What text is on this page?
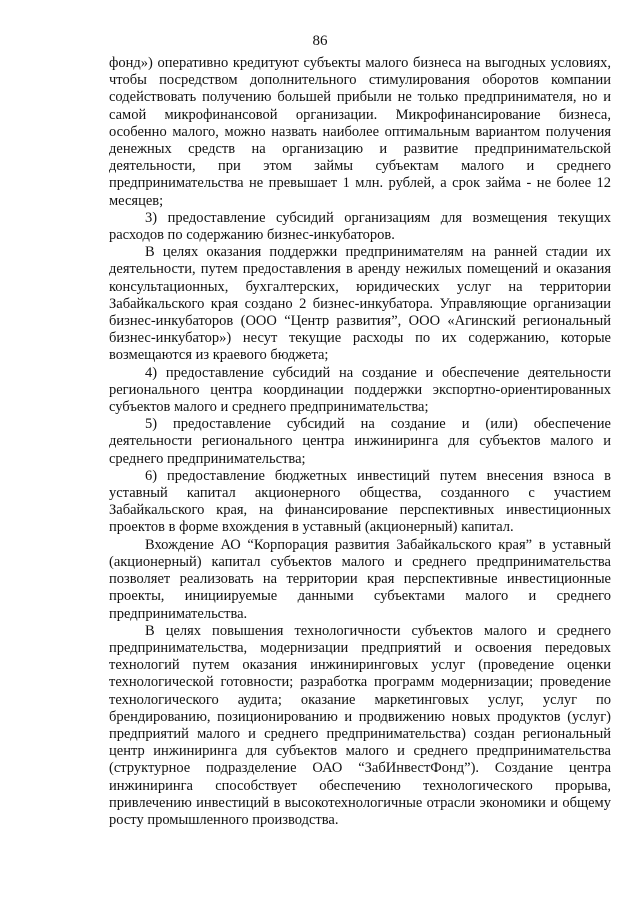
86

фонд») оперативно кредитуют субъекты малого бизнеса на выгодных условиях, чтобы посредством дополнительного стимулирования оборотов компании содействовать получению большей прибыли не только предпринимателя, но и самой микрофинансовой организации. Микрофинансирование бизнеса, особенно малого, можно назвать наиболее оптимальным вариантом получения денежных средств на организацию и развитие предпринимательской деятельности, при этом займы субъектам малого и среднего предпринимательства не превышает 1 млн. рублей, а срок займа - не более 12 месяцев;

3) предоставление субсидий организациям для возмещения текущих расходов по содержанию бизнес-инкубаторов.

В целях оказания поддержки предпринимателям на ранней стадии их деятельности, путем предоставления в аренду нежилых помещений и оказания консультационных, бухгалтерских, юридических услуг на территории Забайкальского края создано 2 бизнес-инкубатора. Управляющие организации бизнес-инкубаторов (ООО “Центр развития”, ООО «Агинский региональный бизнес-инкубатор») несут текущие расходы по их содержанию, которые возмещаются из краевого бюджета;

4) предоставление субсидий на создание и обеспечение деятельности регионального центра координации поддержки экспортно-ориентированных субъектов малого и среднего предпринимательства;

5) предоставление субсидий на создание и (или) обеспечение деятельности регионального центра инжиниринга для субъектов малого и среднего предпринимательства;

6) предоставление бюджетных инвестиций путем внесения взноса в уставный капитал акционерного общества, созданного с участием Забайкальского края, на финансирование перспективных инвестиционных проектов в форме вхождения в уставный (акционерный) капитал.

Вхождение АО “Корпорация развития Забайкальского края” в уставный (акционерный) капитал субъектов малого и среднего предпринимательства позволяет реализовать на территории края перспективные инвестиционные проекты, инициируемые данными субъектами малого и среднего предпринимательства.

В целях повышения технологичности субъектов малого и среднего предпринимательства, модернизации предприятий и освоения передовых технологий путем оказания инжиниринговых услуг (проведение оценки технологической готовности; разработка программ модернизации; проведение технологического аудита; оказание маркетинговых услуг, услуг по брендированию, позиционированию и продвижению новых продуктов (услуг) предприятий малого и среднего предпринимательства) создан региональный центр инжиниринга для субъектов малого и среднего предпринимательства (структурное подразделение ОАО “ЗабИнвестФонд”). Создание центра инжиниринга способствует обеспечению технологического прорыва, привлечению инвестиций в высокотехнологичные отрасли экономики и общему росту промышленного производства.
